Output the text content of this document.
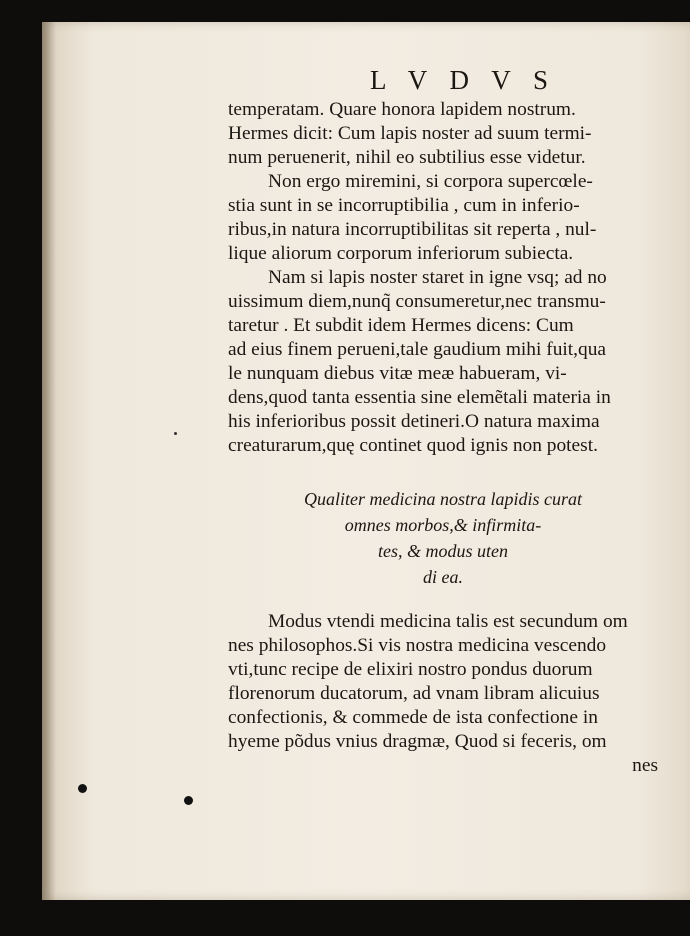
L V D V S
temperatam. Quare honora lapidem nostrum.
Hermes dicit: Cum lapis noster ad suum termi-
num peruenerit, nihil eo subtilius esse videtur.
Non ergo miremini, si corpora supercœle-
stia sunt in se incorruptibilia , cum in inferio-
ribus,in natura incorruptibilitas sit reperta , nul-
lique aliorum corporum inferiorum subiecta.
Nam si lapis noster staret in igne vsq; ad no
uissimum diem,nunq̃ consumeretur,nec transmu-
taretur . Et subdit idem Hermes dicens: Cum
ad eius finem perueni,tale gaudium mihi fuit,qua
le nunquam diebus vitæ meæ habueram, vi-
dens,quod tanta essentia sine elemẽtali materia in
his inferioribus possit detineri.O natura maxima
creaturarum,quę continet quod ignis non potest.
Qualiter medicina nostra lapidis curat
omnes morbos,& infirmita-
tes, & modus uten
di ea.
Modus vtendi medicina talis est secundum om
nes philosophos.Si vis nostra medicina vescendo
vti,tunc recipe de elixiri nostro pondus duorum
florenorum ducatorum, ad vnam libram alicuius
confectionis, & commede de ista confectione in
hyeme põdus vnius dragmæ, Quod si feceris, om
nes
